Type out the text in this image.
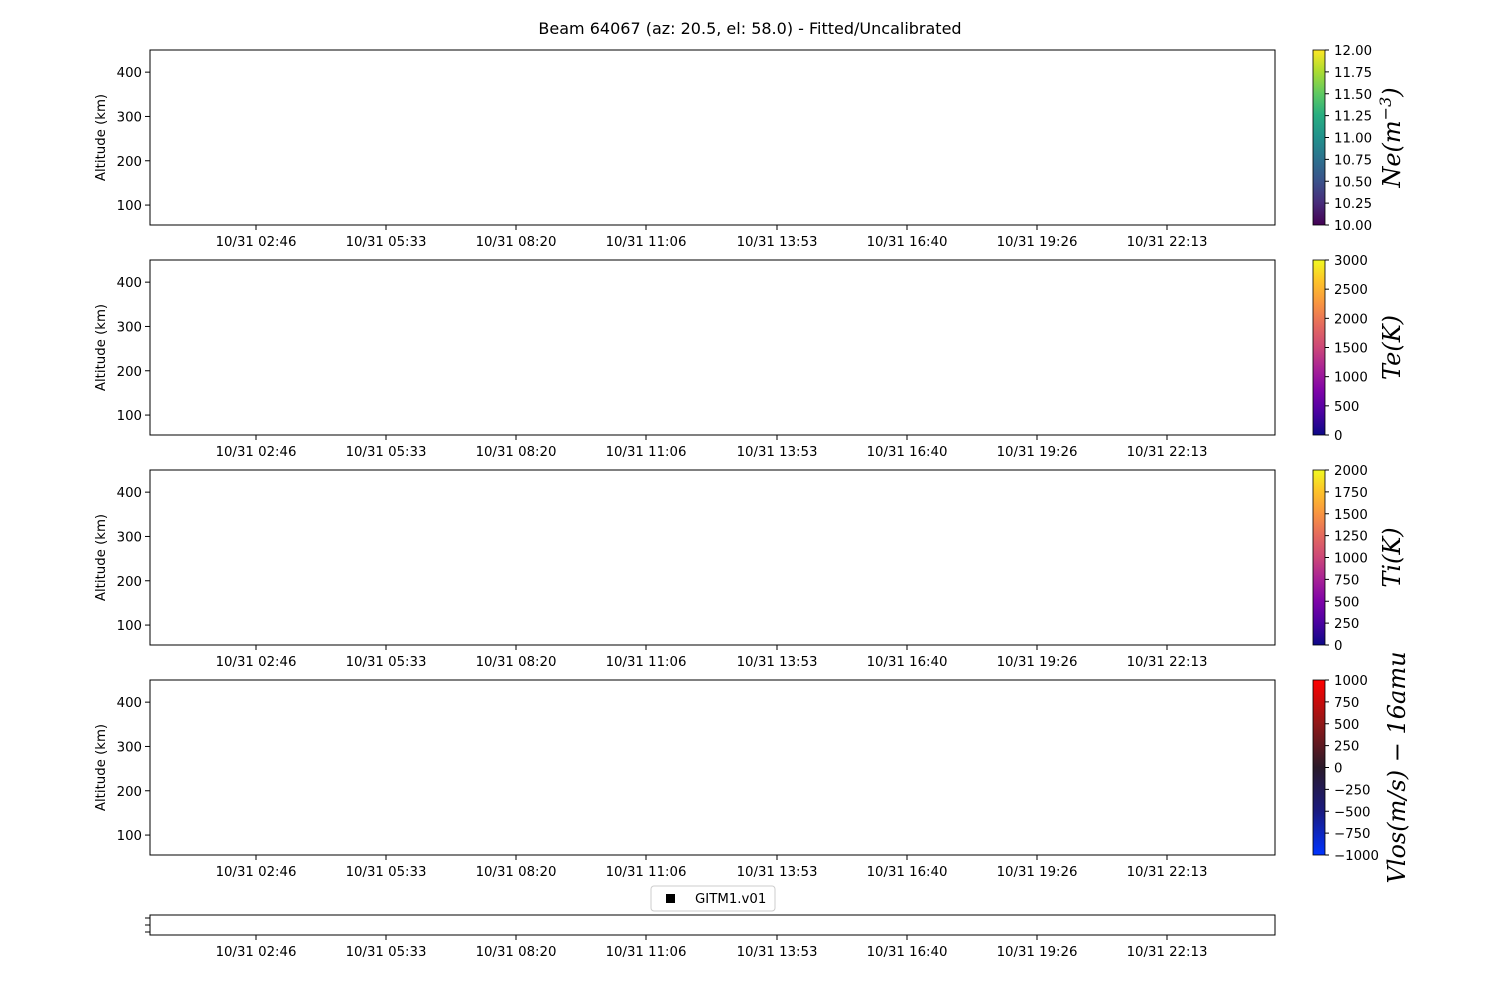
Beam 64067 (az: 20.5, el: 58.0) - Fitted/Uncalibrated
100
200
300
400
Altitude (km)
10/31 02:46	10/31 05:33	10/31 08:20	10/31 11:06	10/31 13:53	10/31 16:40	10/31 19:26	10/31 22:13
10.00
10.25
10.50
10.75
11.00
11.25
11.50
11.75
12.00
$Ne(m^{-3})$
100
200
300
400
Altitude (km)
10/31 02:46	10/31 05:33	10/31 08:20	10/31 11:06	10/31 13:53	10/31 16:40	10/31 19:26	10/31 22:13
0
500
1000
1500
2000
2500
3000
Te(K)
100
200
300
400
Altitude (km)
10/31 02:46	10/31 05:33	10/31 08:20	10/31 11:06	10/31 13:53	10/31 16:40	10/31 19:26	10/31 22:13
0
250
500
750
1000
1250
1500
1750
2000
Ti(K)
100
200
300
400
Altitude (km)
10/31 02:46	10/31 05:33	10/31 08:20	10/31 11:06	10/31 13:53	10/31 16:40	10/31 19:26	10/31 22:13
−1000
−750
−500
−250
0
250
500
750
1000 Vlos(m/s) − 16amu
10/31 02:46	10/31 05:33	10/31 08:20	10/31 11:06	10/31 13:53	10/31 16:40	10/31 19:26	10/31 22:13
GITM1.v01
